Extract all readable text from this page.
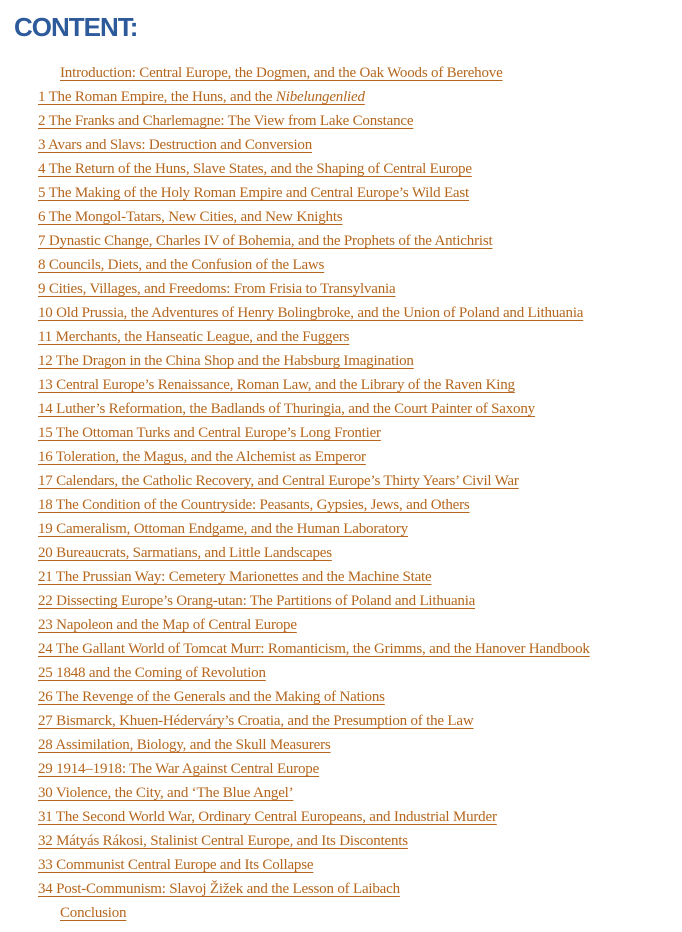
CONTENT:
Introduction: Central Europe, the Dogmen, and the Oak Woods of Berehove
1 The Roman Empire, the Huns, and the Nibelungenlied
2 The Franks and Charlemagne: The View from Lake Constance
3 Avars and Slavs: Destruction and Conversion
4 The Return of the Huns, Slave States, and the Shaping of Central Europe
5 The Making of the Holy Roman Empire and Central Europe’s Wild East
6 The Mongol-Tatars, New Cities, and New Knights
7 Dynastic Change, Charles IV of Bohemia, and the Prophets of the Antichrist
8 Councils, Diets, and the Confusion of the Laws
9 Cities, Villages, and Freedoms: From Frisia to Transylvania
10 Old Prussia, the Adventures of Henry Bolingbroke, and the Union of Poland and Lithuania
11 Merchants, the Hanseatic League, and the Fuggers
12 The Dragon in the China Shop and the Habsburg Imagination
13 Central Europe’s Renaissance, Roman Law, and the Library of the Raven King
14 Luther’s Reformation, the Badlands of Thuringia, and the Court Painter of Saxony
15 The Ottoman Turks and Central Europe’s Long Frontier
16 Toleration, the Magus, and the Alchemist as Emperor
17 Calendars, the Catholic Recovery, and Central Europe’s Thirty Years’ Civil War
18 The Condition of the Countryside: Peasants, Gypsies, Jews, and Others
19 Cameralism, Ottoman Endgame, and the Human Laboratory
20 Bureaucrats, Sarmatians, and Little Landscapes
21 The Prussian Way: Cemetery Marionettes and the Machine State
22 Dissecting Europe’s Orang-utan: The Partitions of Poland and Lithuania
23 Napoleon and the Map of Central Europe
24 The Gallant World of Tomcat Murr: Romanticism, the Grimms, and the Hanover Handbook
25 1848 and the Coming of Revolution
26 The Revenge of the Generals and the Making of Nations
27 Bismarck, Khuen-Héderváry’s Croatia, and the Presumption of the Law
28 Assimilation, Biology, and the Skull Measurers
29 1914–1918: The War Against Central Europe
30 Violence, the City, and ‘The Blue Angel’
31 The Second World War, Ordinary Central Europeans, and Industrial Murder
32 Mátyás Rákosi, Stalinist Central Europe, and Its Discontents
33 Communist Central Europe and Its Collapse
34 Post-Communism: Slavoj Žižek and the Lesson of Laibach
Conclusion
